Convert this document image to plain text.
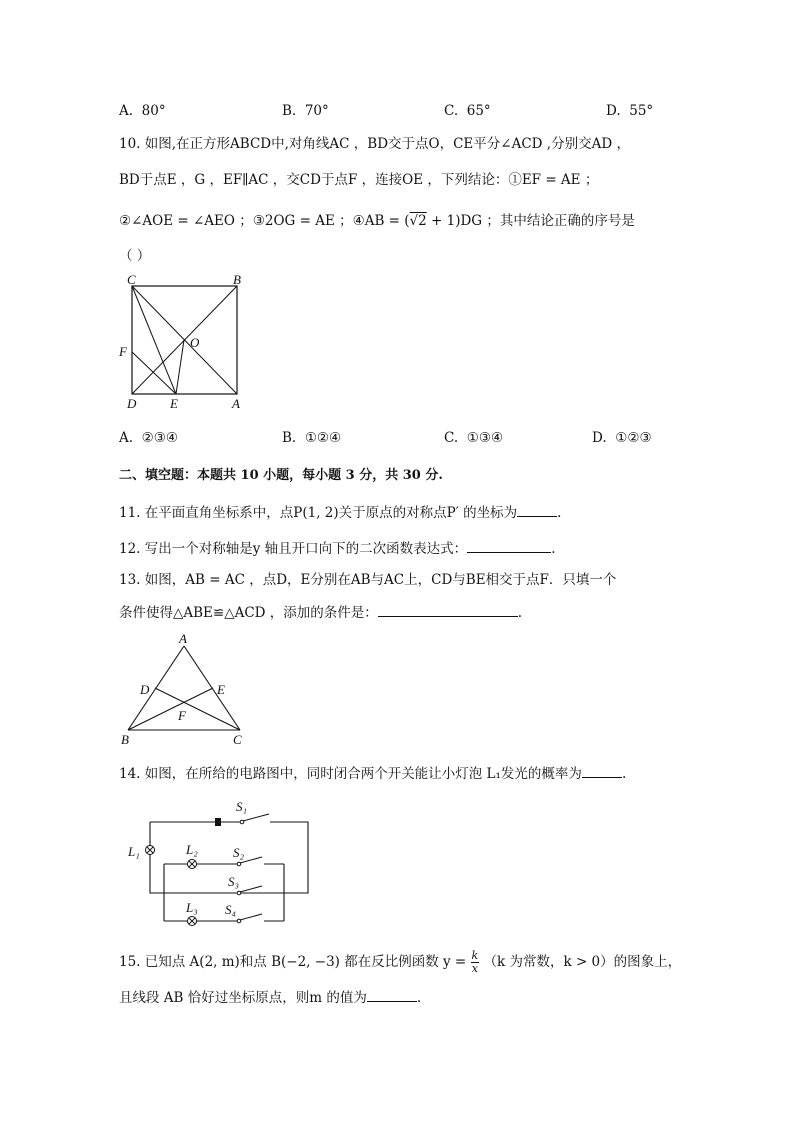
A. 80°	B. 70°	C. 65°	D. 55°
10. 如图,在正方形ABCD中,对角线AC ，BD交于点O，CE平分∠ACD ,分别交AD ，
BD于点E ，G ，EF∥AC ，交CD于点F ，连接OE ，下列结论：①EF = AE ；
②∠AOE = ∠AEO ；③2OG = AE ；④AB = (√2 + 1)DG ；其中结论正确的序号是
（ ）
C	B
F
O
D	E	A
A. ②③④	B. ①②④	C. ①③④	D. ①②③
二、填空题：本题共 10 小题，每小题 3 分，共 30 分.
11. 在平面直角坐标系中，点P(1, 2)关于原点的对称点P′ 的坐标为	.
12. 写出一个对称轴是y 轴且开口向下的二次函数表达式：	.
13. 如图，AB = AC ，点D，E分别在AB与AC上，CD与BE相交于点F．只填一个
条件使得△ABE≌△ACD ，添加的条件是：	.
A
D	E
F
B	C
14. 如图，在所给的电路图中，同时闭合两个开关能让小灯泡 L₁发光的概率为	.
S₁
S₂
S₃
S₄
L₁	L₂
L₃
15. 已知点 A(2, m)和点 B(−2, −3) 都在反比例函数 $y = \frac{k}{x} (k$ 为常数，k > 0）的图象上，
且线段 AB 恰好过坐标原点，则m 的值为	.
